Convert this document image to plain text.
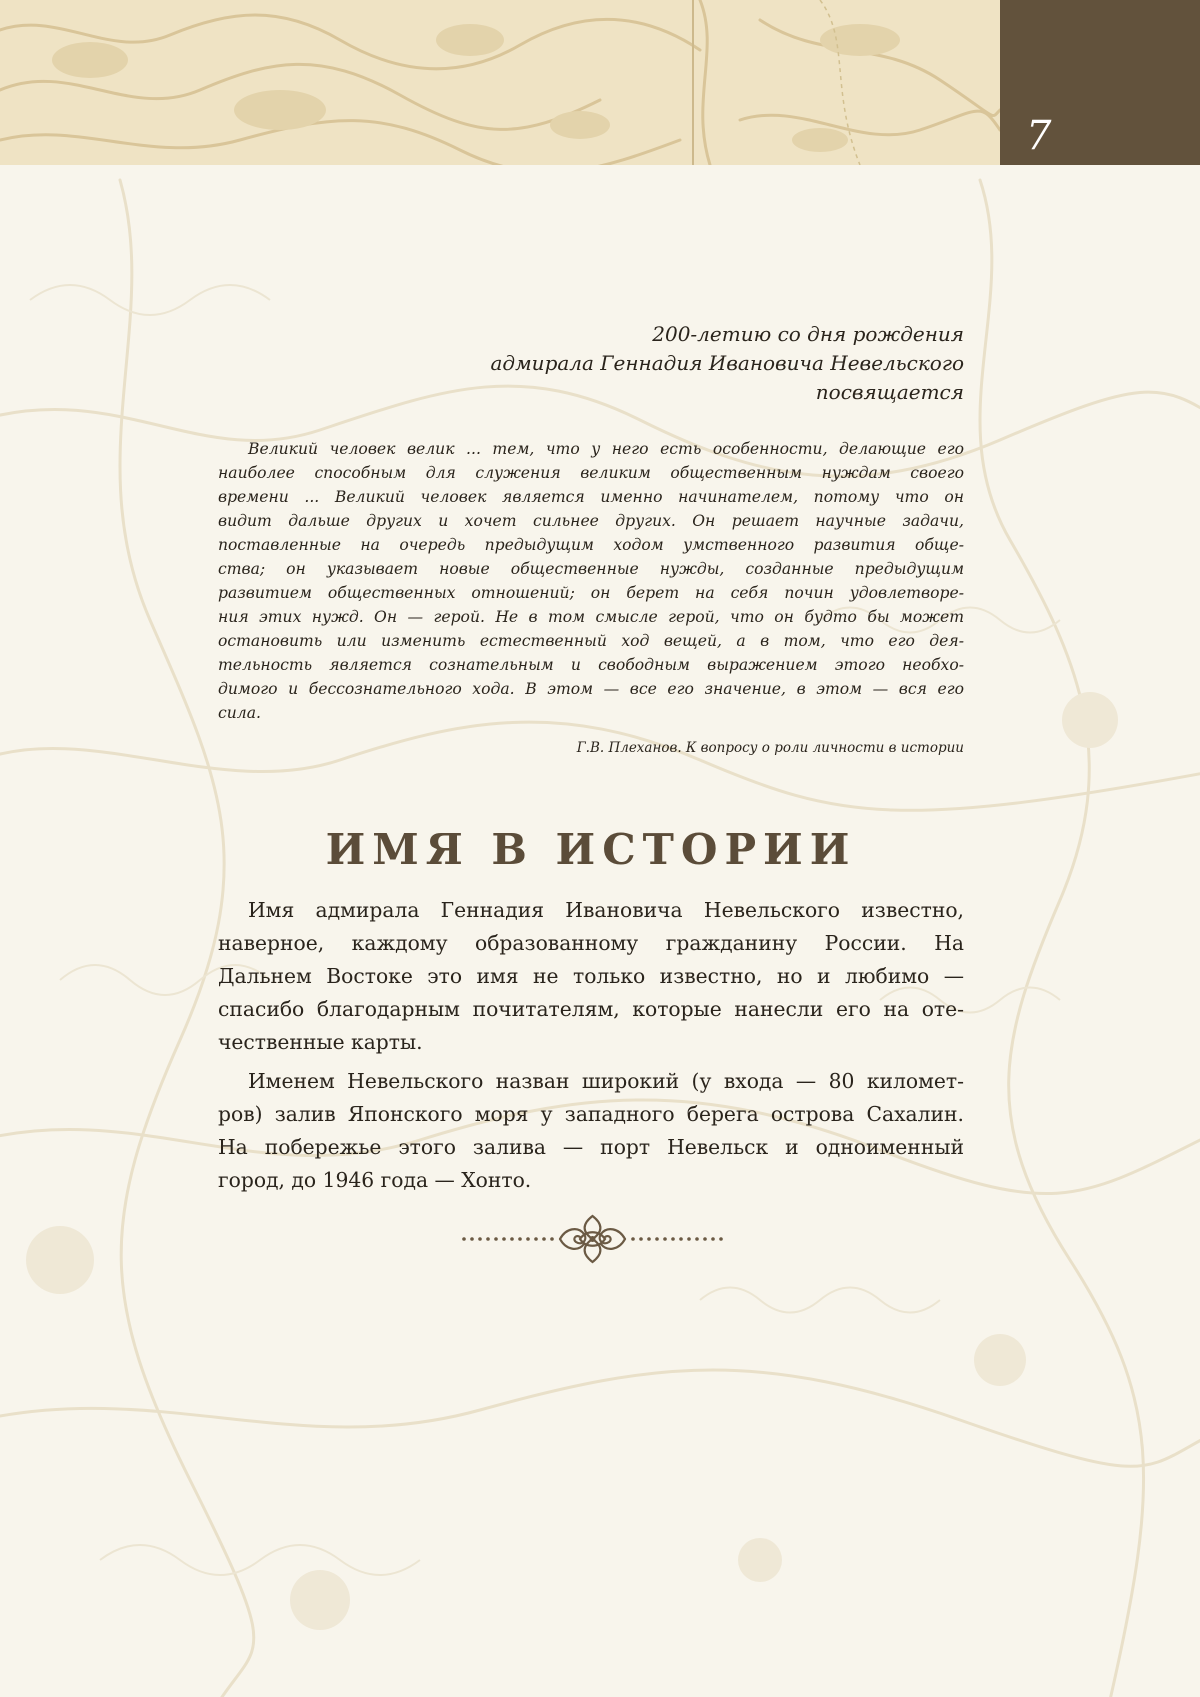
7
200-летию со дня рождения
адмирала Геннадия Ивановича Невельского
посвящается
Великий человек велик ... тем, что у него есть особенности, делающие его
наиболее способным для служения великим общественным нуждам своего
времени ... Великий человек является именно начинателем, потому что он
видит дальше других и хочет сильнее других. Он решает научные задачи,
поставленные на очередь предыдущим ходом умственного развития обще-
ства; он указывает новые общественные нужды, созданные предыдущим
развитием общественных отношений; он берет на себя почин удовлетворе-
ния этих нужд. Он — герой. Не в том смысле герой, что он будто бы может
остановить или изменить естественный ход вещей, а в том, что его дея-
тельность является сознательным и свободным выражением этого необхо-
димого и бессознательного хода. В этом — все его значение, в этом — вся его
сила.
Г.В. Плеханов. К вопросу о роли личности в истории
ИМЯ В ИСТОРИИ
Имя адмирала Геннадия Ивановича Невельского известно,
наверное, каждому образованному гражданину России. На
Дальнем Востоке это имя не только известно, но и любимо —
спасибо благодарным почитателям, которые нанесли его на оте-
чественные карты.
Именем Невельского назван широкий (у входа — 80 километ-
ров) залив Японского моря у западного берега острова Сахалин.
На побережье этого залива — порт Невельск и одноименный
город, до 1946 года — Хонто.
